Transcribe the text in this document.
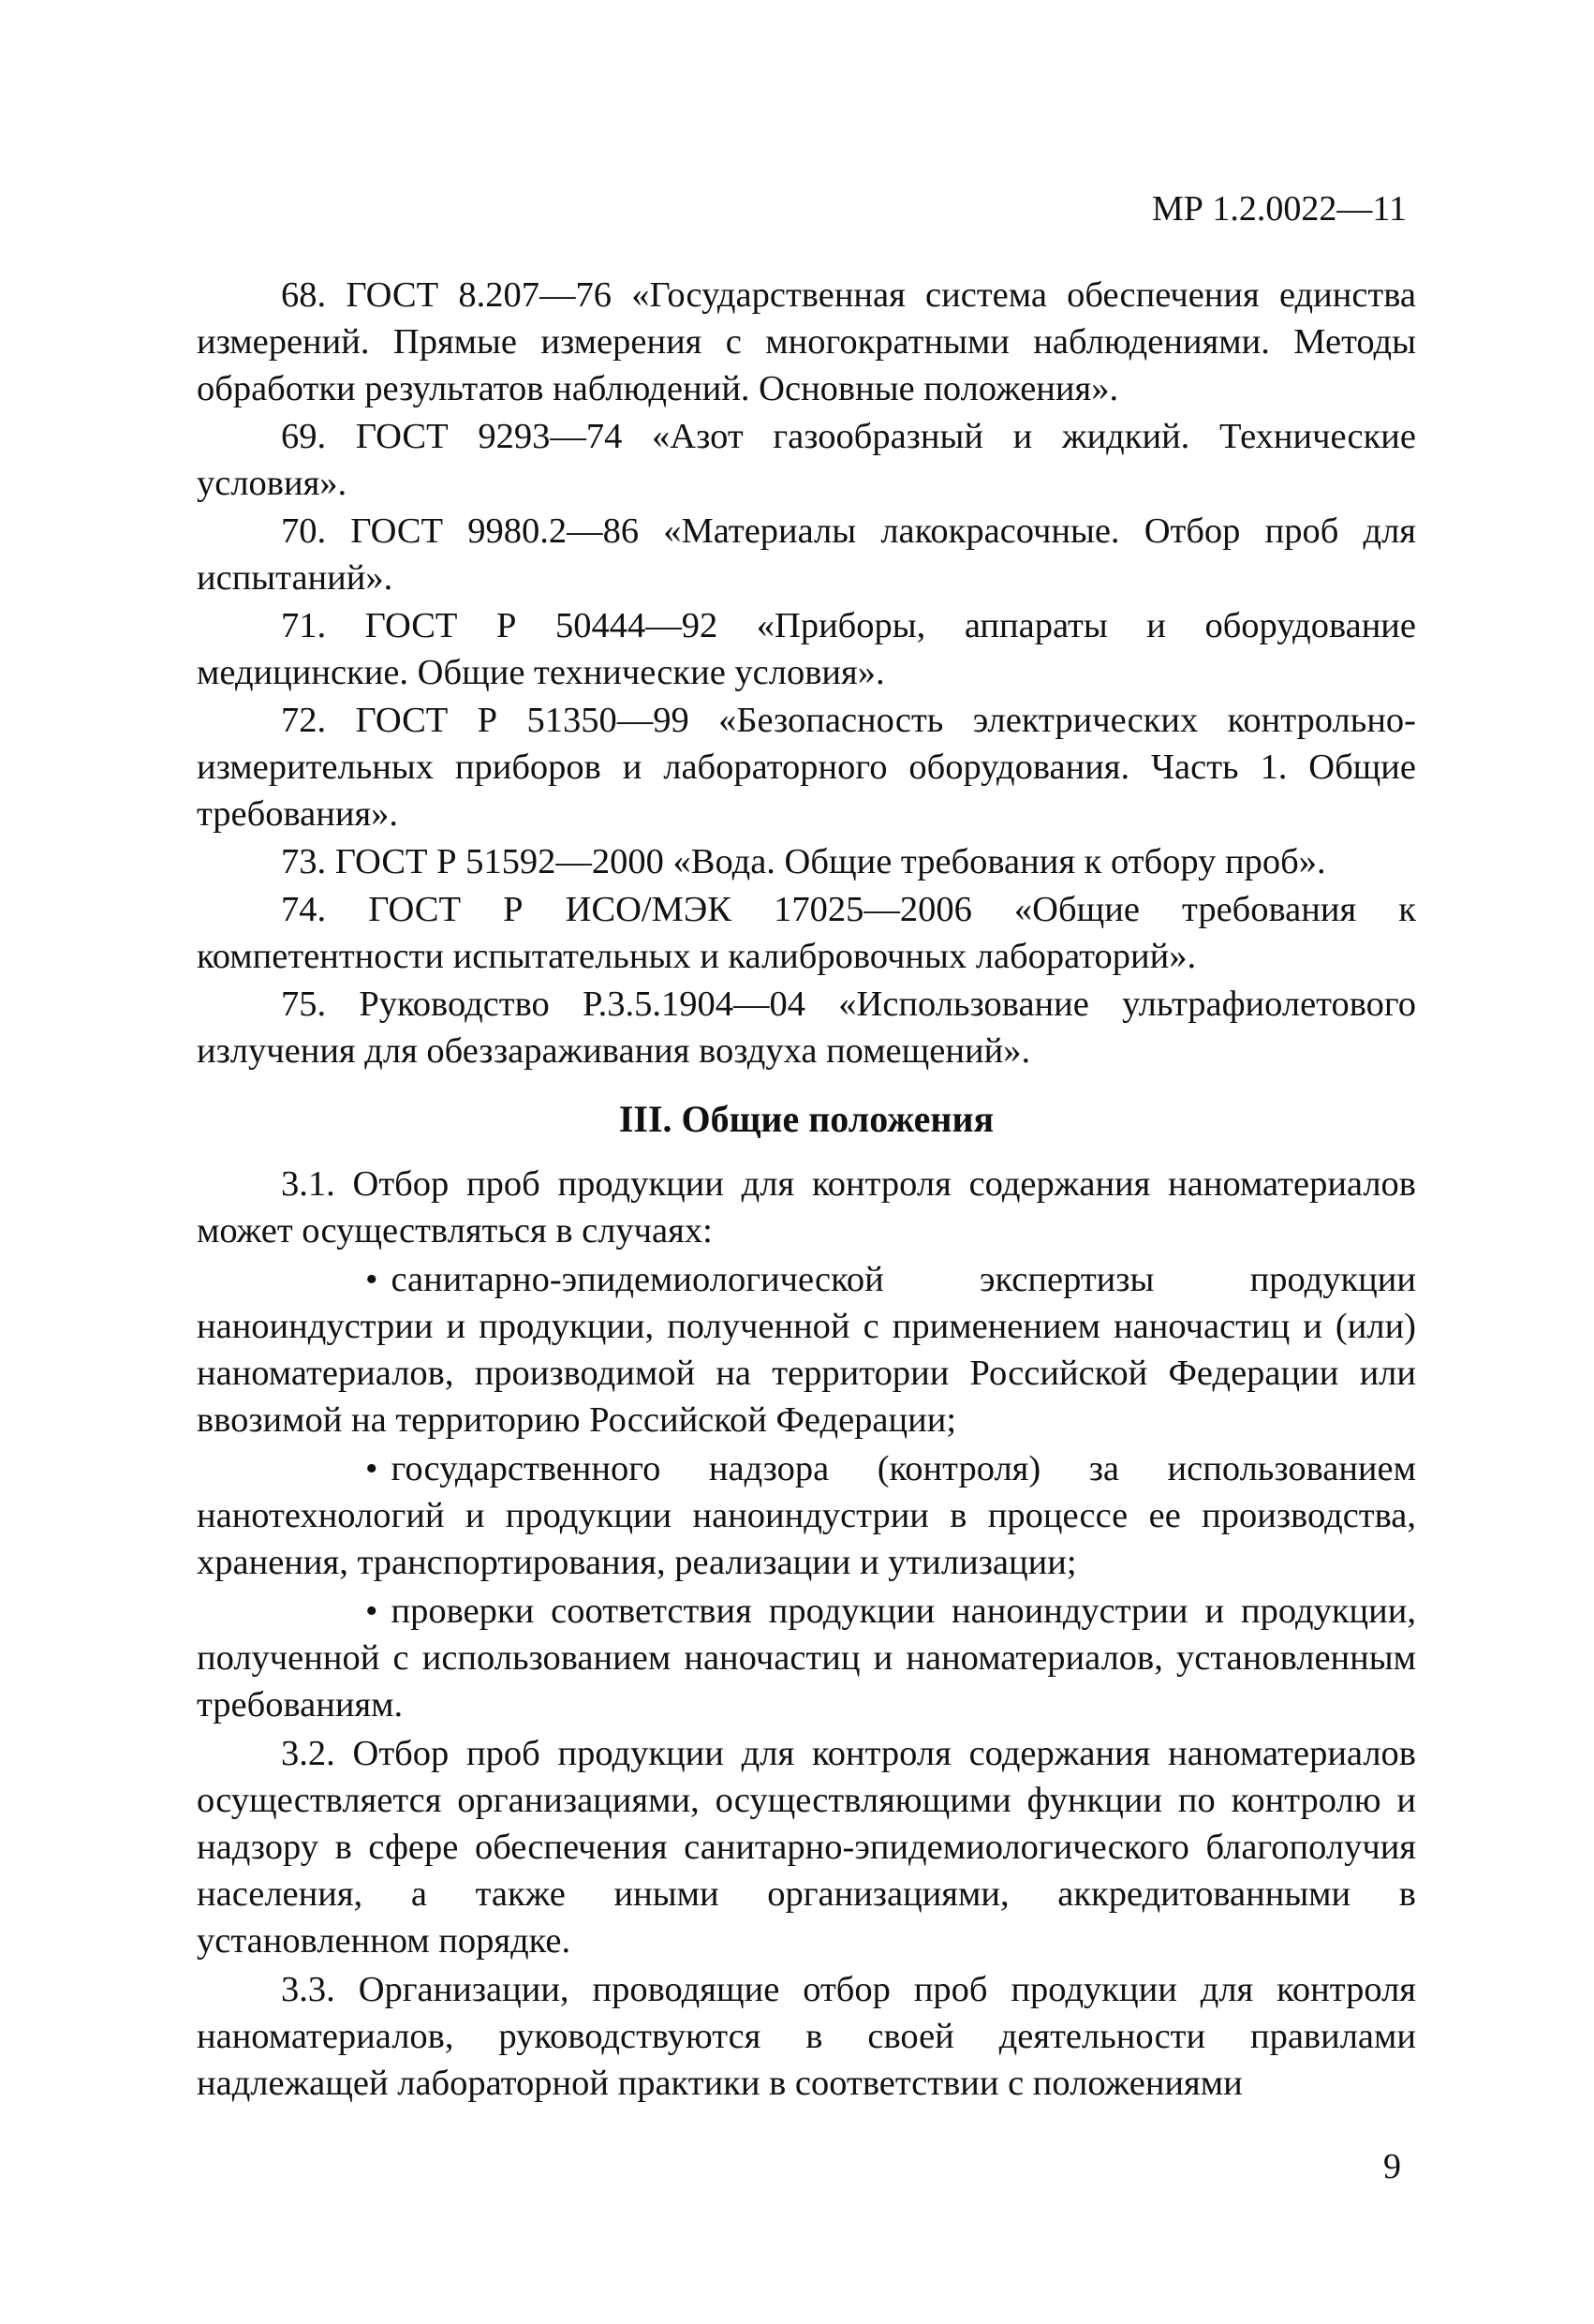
МР 1.2.0022—11

68. ГОСТ 8.207—76 «Государственная система обеспечения единства измерений. Прямые измерения с многократными наблюдениями. Методы обработки результатов наблюдений. Основные положения».

69. ГОСТ 9293—74 «Азот газообразный и жидкий. Технические условия».

70. ГОСТ 9980.2—86 «Материалы лакокрасочные. Отбор проб для испытаний».

71. ГОСТ Р 50444—92 «Приборы, аппараты и оборудование медицинские. Общие технические условия».

72. ГОСТ Р 51350—99 «Безопасность электрических контрольно-измерительных приборов и лабораторного оборудования. Часть 1. Общие требования».

73. ГОСТ Р 51592—2000 «Вода. Общие требования к отбору проб».

74. ГОСТ Р ИСО/МЭК 17025—2006 «Общие требования к компетентности испытательных и калибровочных лабораторий».

75. Руководство Р.3.5.1904—04 «Использование ультрафиолетового излучения для обеззараживания воздуха помещений».

III. Общие положения

3.1. Отбор проб продукции для контроля содержания наноматериалов может осуществляться в случаях:

• санитарно-эпидемиологической экспертизы продукции наноиндустрии и продукции, полученной с применением наночастиц и (или) наноматериалов, производимой на территории Российской Федерации или ввозимой на территорию Российской Федерации;

• государственного надзора (контроля) за использованием нанотехнологий и продукции наноиндустрии в процессе ее производства, хранения, транспортирования, реализации и утилизации;

• проверки соответствия продукции наноиндустрии и продукции, полученной с использованием наночастиц и наноматериалов, установленным требованиям.

3.2. Отбор проб продукции для контроля содержания наноматериалов осуществляется организациями, осуществляющими функции по контролю и надзору в сфере обеспечения санитарно-эпидемиологического благополучия населения, а также иными организациями, аккредитованными в установленном порядке.

3.3. Организации, проводящие отбор проб продукции для контроля наноматериалов, руководствуются в своей деятельности правилами надлежащей лабораторной практики в соответствии с положениями

9
